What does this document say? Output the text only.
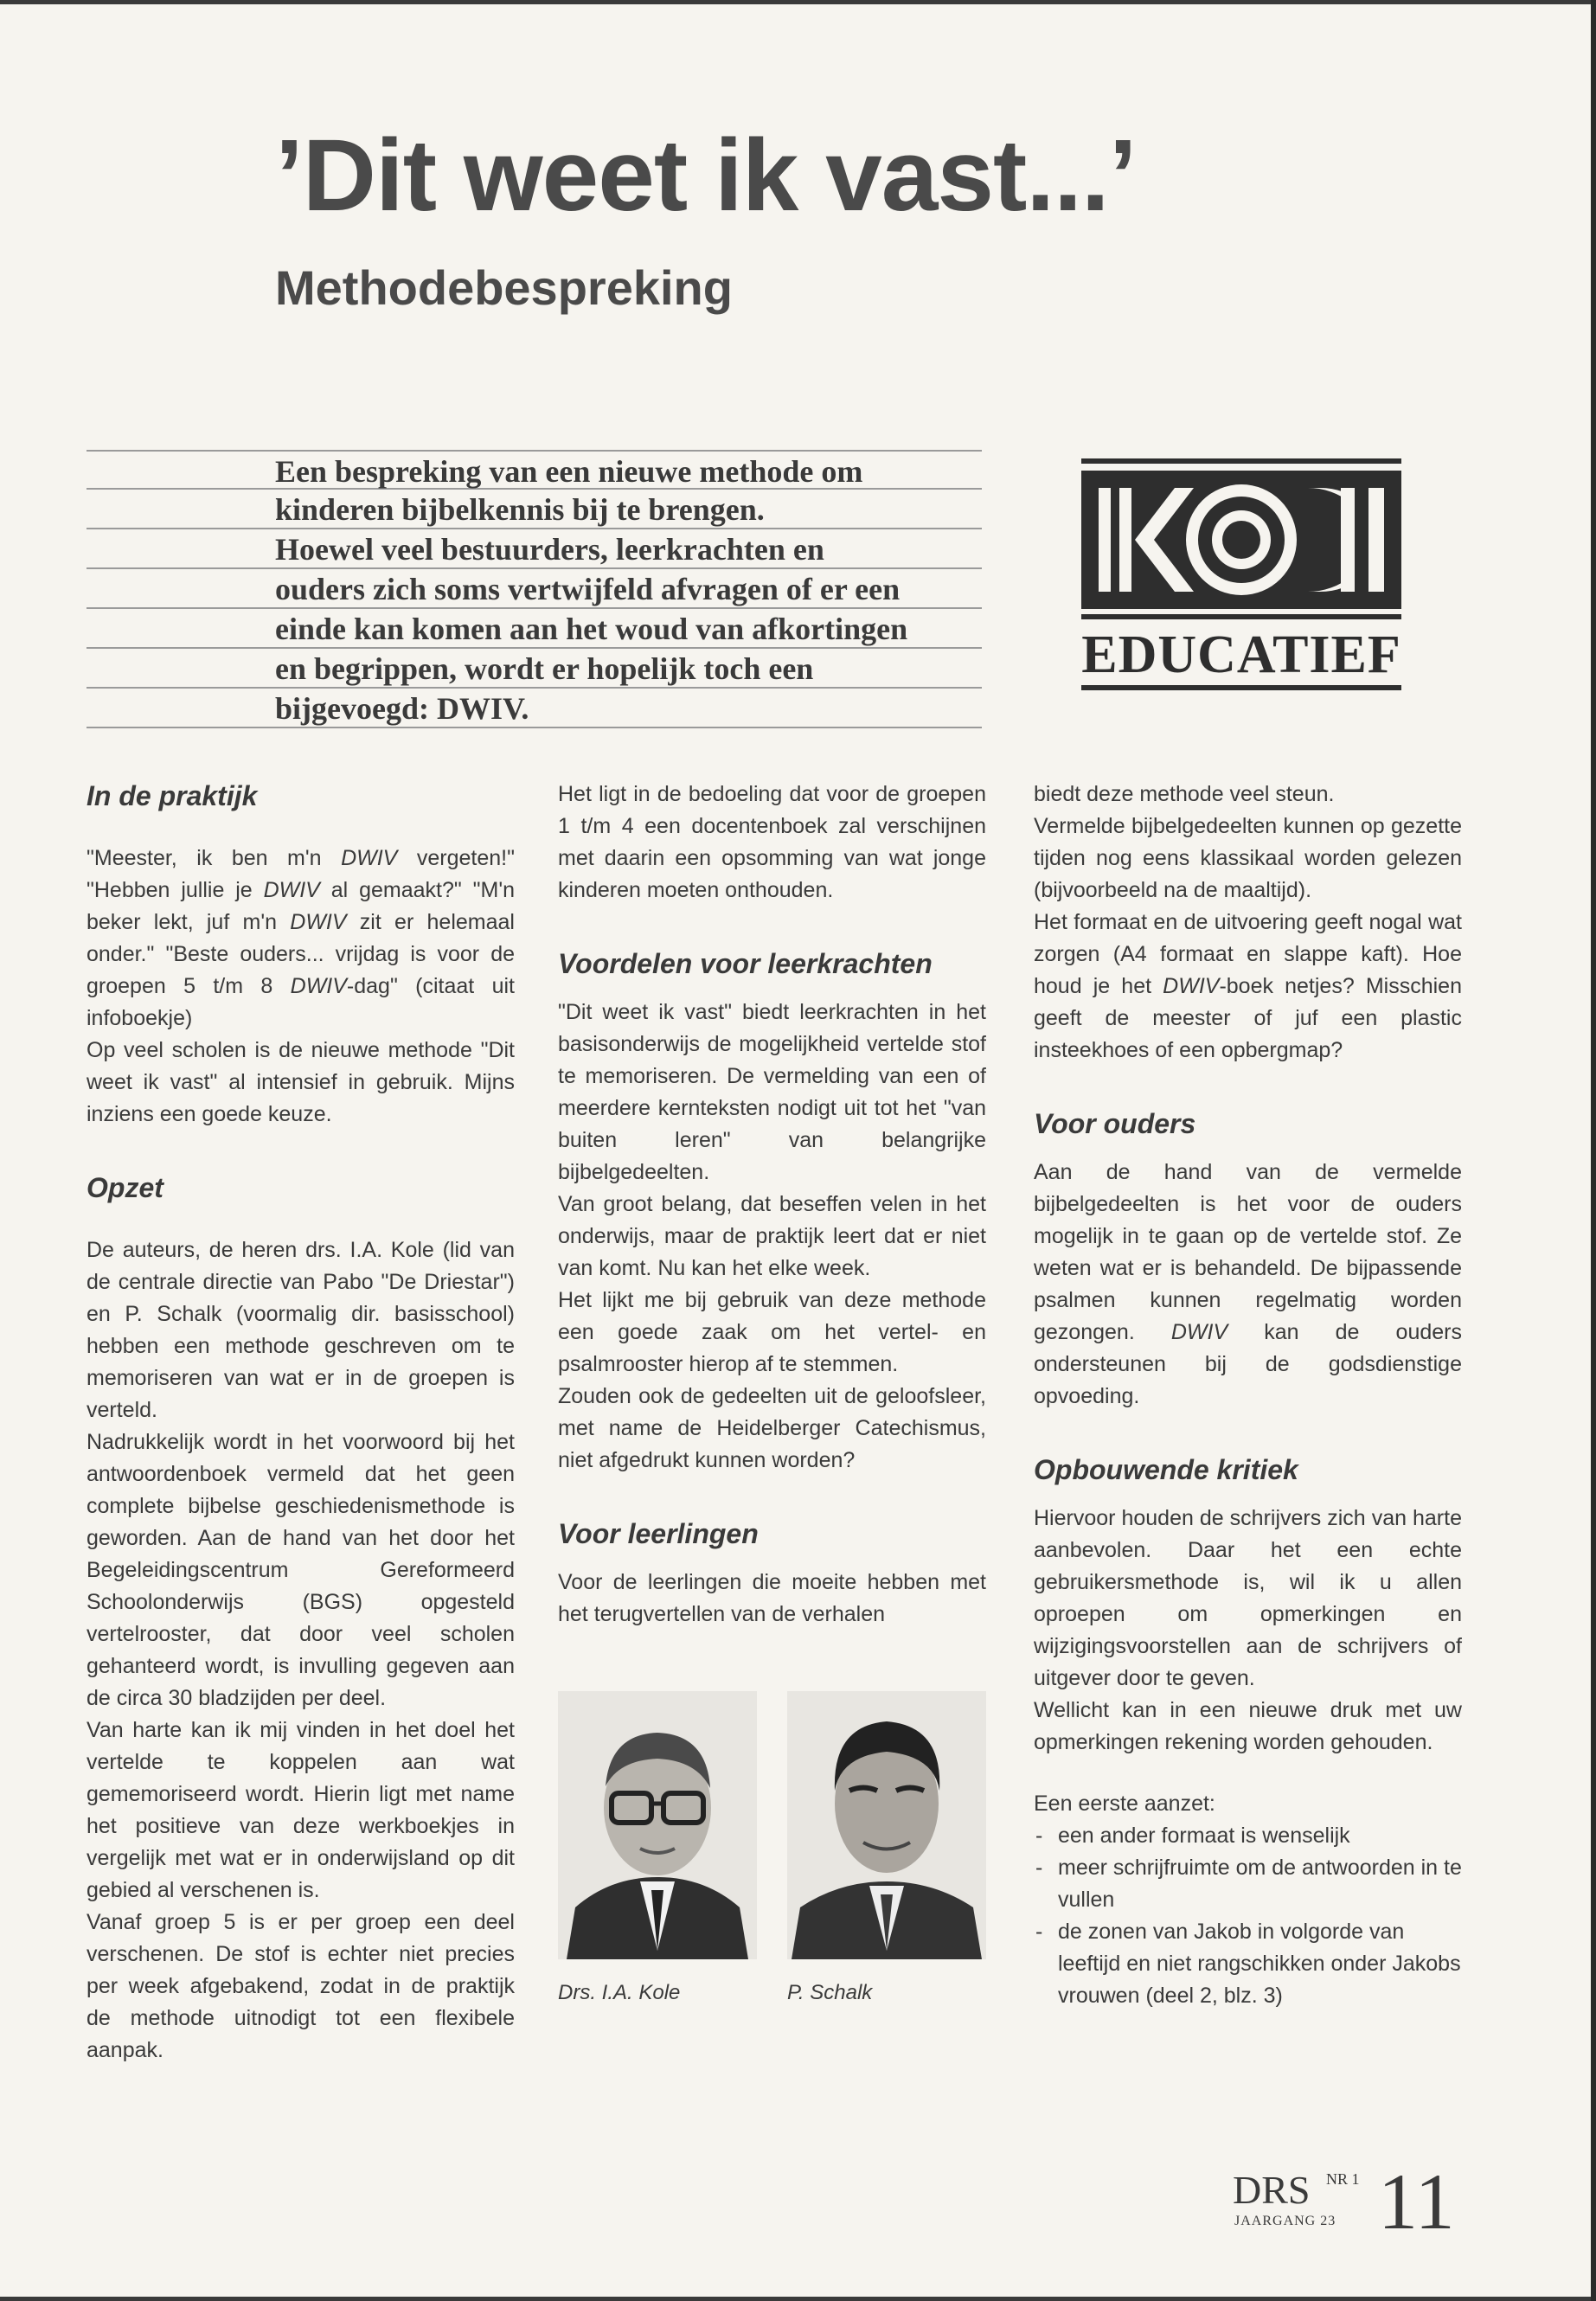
’Dit weet ik vast...’
Methodebespreking
Een bespreking van een nieuwe methode om
kinderen bijbelkennis bij te brengen.
Hoewel veel bestuurders, leerkrachten en
ouders zich soms vertwijfeld afvragen of er een
einde kan komen aan het woud van afkortingen
en begrippen, wordt er hopelijk toch een
bijgevoegd: DWIV.
EDUCATIEF
In de praktijk

"Meester, ik ben m'n DWIV vergeten!" "Hebben jullie je DWIV al gemaakt?" "M'n beker lekt, juf m'n DWIV zit er helemaal onder." "Beste ouders... vrijdag is voor de groepen 5 t/m 8 DWIV-dag" (citaat uit infoboekje)

Op veel scholen is de nieuwe methode "Dit weet ik vast" al intensief in gebruik. Mijns inziens een goede keuze.

Opzet

De auteurs, de heren drs. I.A. Kole (lid van de centrale directie van Pabo "De Driestar") en P. Schalk (voormalig dir. basisschool) hebben een methode geschreven om te memoriseren van wat er in de groepen is verteld.

Nadrukkelijk wordt in het voorwoord bij het antwoordenboek vermeld dat het geen complete bijbelse geschiedenismethode is geworden. Aan de hand van het door het Begeleidingscentrum Gereformeerd Schoolonderwijs (BGS) opgesteld vertelrooster, dat door veel scholen gehanteerd wordt, is invulling gegeven aan de circa 30 bladzijden per deel.

Van harte kan ik mij vinden in het doel het vertelde te koppelen aan wat gememoriseerd wordt. Hierin ligt met name het positieve van deze werkboekjes in vergelijk met wat er in onderwijsland op dit gebied al verschenen is.

Vanaf groep 5 is er per groep een deel verschenen. De stof is echter niet precies per week afgebakend, zodat in de praktijk de methode uitnodigt tot een flexibele aanpak.

Het ligt in de bedoeling dat voor de groepen 1 t/m 4 een docentenboek zal verschijnen met daarin een opsomming van wat jonge kinderen moeten onthouden.

Voordelen voor leerkrachten

"Dit weet ik vast" biedt leerkrachten in het basisonderwijs de mogelijkheid vertelde stof te memoriseren. De vermelding van een of meerdere kernteksten nodigt uit tot het "van buiten leren" van belangrijke bijbelgedeelten.

Van groot belang, dat beseffen velen in het onderwijs, maar de praktijk leert dat er niet van komt. Nu kan het elke week.

Het lijkt me bij gebruik van deze methode een goede zaak om het vertel- en psalmrooster hierop af te stemmen.

Zouden ook de gedeelten uit de geloofsleer, met name de Heidelberger Catechismus, niet afgedrukt kunnen worden?

Voor leerlingen

Voor de leerlingen die moeite hebben met het terugvertellen van de verhalen

Drs. I.A. Kole	P. Schalk

biedt deze methode veel steun.

Vermelde bijbelgedeelten kunnen op gezette tijden nog eens klassikaal worden gelezen (bijvoorbeeld na de maaltijd).

Het formaat en de uitvoering geeft nogal wat zorgen (A4 formaat en slappe kaft). Hoe houd je het DWIV-boek netjes? Misschien geeft de meester of juf een plastic insteekhoes of een opbergmap?

Voor ouders

Aan de hand van de vermelde bijbelgedeelten is het voor de ouders mogelijk in te gaan op de vertelde stof. Ze weten wat er is behandeld. De bijpassende psalmen kunnen regelmatig worden gezongen. DWIV kan de ouders ondersteunen bij de godsdienstige opvoeding.

Opbouwende kritiek

Hiervoor houden de schrijvers zich van harte aanbevolen. Daar het een echte gebruikersmethode is, wil ik u allen oproepen om opmerkingen en wijzigingsvoorstellen aan de schrijvers of uitgever door te geven.

Wellicht kan in een nieuwe druk met uw opmerkingen rekening worden gehouden.

Een eerste aanzet:

- een ander formaat is wenselijk
- meer schrijfruimte om de antwoorden in te vullen
- de zonen van Jakob in volgorde van leeftijd en niet rangschikken onder Jakobs vrouwen (deel 2, blz. 3)
DRS NR 1
JAARGANG 23 11
